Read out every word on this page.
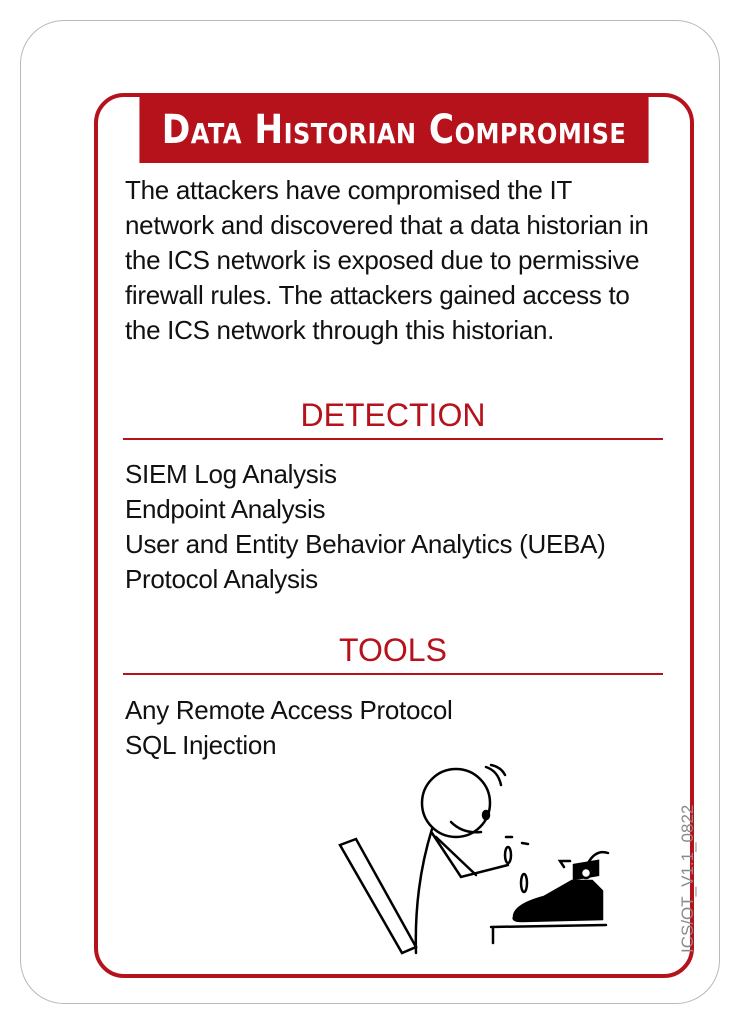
Data Historian Compromise
The attackers have compromised the IT network and discovered that a data historian in the ICS network is exposed due to permissive firewall rules. The attackers gained access to the ICS network through this historian.
DETECTION
SIEM Log Analysis
Endpoint Analysis
User and Entity Behavior Analytics (UEBA)
Protocol Analysis
TOOLS
Any Remote Access Protocol
SQL Injection
ICS/OT_V1.1_0822
